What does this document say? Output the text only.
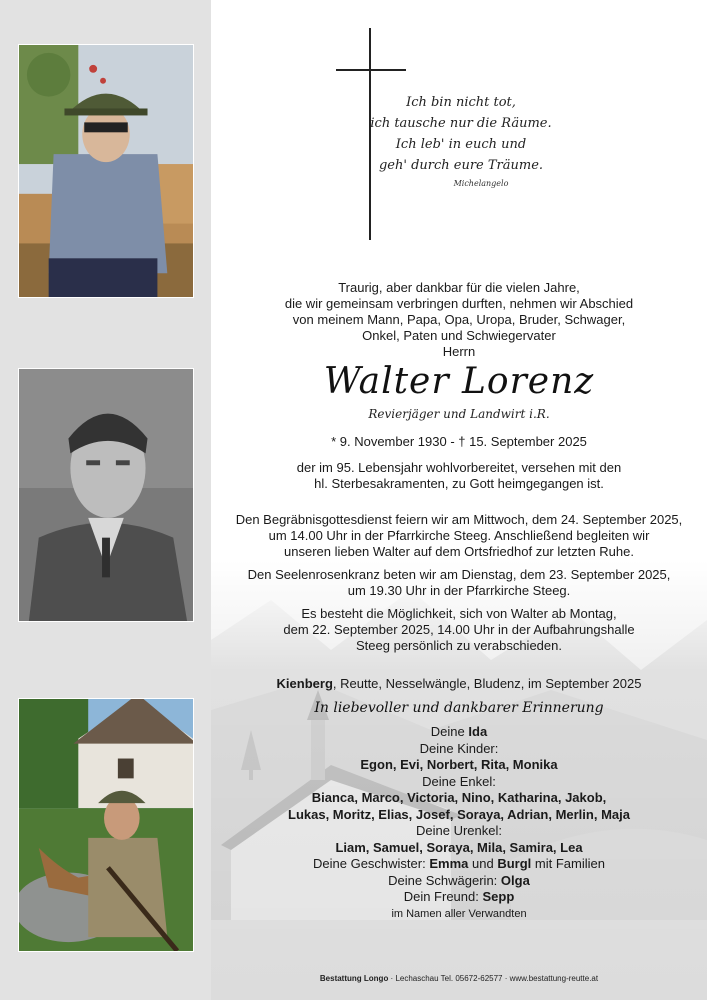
Ich bin nicht tot,
ich tausche nur die Räume.
Ich leb' in euch und
geh' durch eure Träume.
Michelangelo
Traurig, aber dankbar für die vielen Jahre,
die wir gemeinsam verbringen durften, nehmen wir Abschied
von meinem Mann, Papa, Opa, Uropa, Bruder, Schwager,
Onkel, Paten und Schwiegervater
Herrn
Walter Lorenz
Revierjäger und Landwirt i.R.
* 9. November 1930 - † 15. September 2025
der im 95. Lebensjahr wohlvorbereitet, versehen mit den
hl. Sterbesakramenten, zu Gott heimgegangen ist.
Den Begräbnisgottesdienst feiern wir am Mittwoch, dem 24. September 2025,
um 14.00 Uhr in der Pfarrkirche Steeg. Anschließend begleiten wir
unseren lieben Walter auf dem Ortsfriedhof zur letzten Ruhe.
Den Seelenrosenkranz beten wir am Dienstag, dem 23. September 2025,
um 19.30 Uhr in der Pfarrkirche Steeg.
Es besteht die Möglichkeit, sich von Walter ab Montag,
dem 22. September 2025, 14.00 Uhr in der Aufbahrungshalle
Steeg persönlich zu verabschieden.
Kienberg, Reutte, Nesselwängle, Bludenz, im September 2025
In liebevoller und dankbarer Erinnerung
Deine Ida
Deine Kinder:
Egon, Evi, Norbert, Rita, Monika
Deine Enkel:
Bianca, Marco, Victoria, Nino, Katharina, Jakob,
Lukas, Moritz, Elias, Josef, Soraya, Adrian, Merlin, Maja
Deine Urenkel:
Liam, Samuel, Soraya, Mila, Samira, Lea
Deine Geschwister: Emma und Burgl mit Familien
Deine Schwägerin: Olga
Dein Freund: Sepp
im Namen aller Verwandten
Bestattung Longo · Lechaschau Tel. 05672-62577 · www.bestattung-reutte.at
